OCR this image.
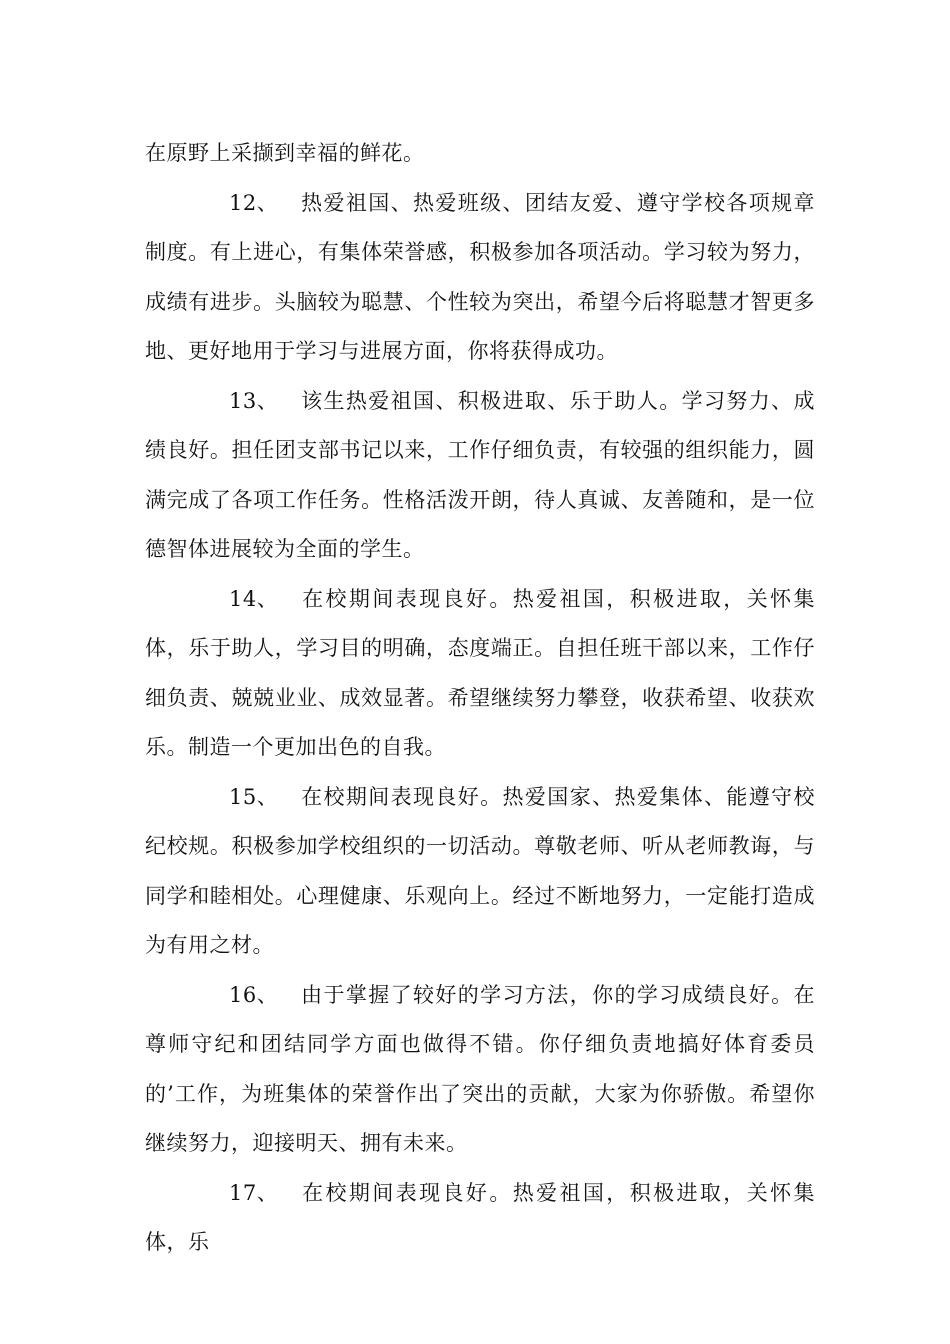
在原野上采撷到幸福的鲜花。

12、 热爱祖国、热爱班级、团结友爱、遵守学校各项规章制度。有上进心，有集体荣誉感，积极参加各项活动。学习较为努力，成绩有进步。头脑较为聪慧、个性较为突出，希望今后将聪慧才智更多地、更好地用于学习与进展方面，你将获得成功。

13、 该生热爱祖国、积极进取、乐于助人。学习努力、成绩良好。担任团支部书记以来，工作仔细负责，有较强的组织能力，圆满完成了各项工作任务。性格活泼开朗，待人真诚、友善随和，是一位德智体进展较为全面的学生。

14、 在校期间表现良好。热爱祖国，积极进取，关怀集体，乐于助人，学习目的明确，态度端正。自担任班干部以来，工作仔细负责、兢兢业业、成效显著。希望继续努力攀登，收获希望、收获欢乐。制造一个更加出色的自我。

15、 在校期间表现良好。热爱国家、热爱集体、能遵守校纪校规。积极参加学校组织的一切活动。尊敬老师、听从老师教诲，与同学和睦相处。心理健康、乐观向上。经过不断地努力，一定能打造成为有用之材。

16、 由于掌握了较好的学习方法，你的学习成绩良好。在尊师守纪和团结同学方面也做得不错。你仔细负责地搞好体育委员的’工作，为班集体的荣誉作出了突出的贡献，大家为你骄傲。希望你继续努力，迎接明天、拥有未来。

17、 在校期间表现良好。热爱祖国，积极进取，关怀集体，乐
